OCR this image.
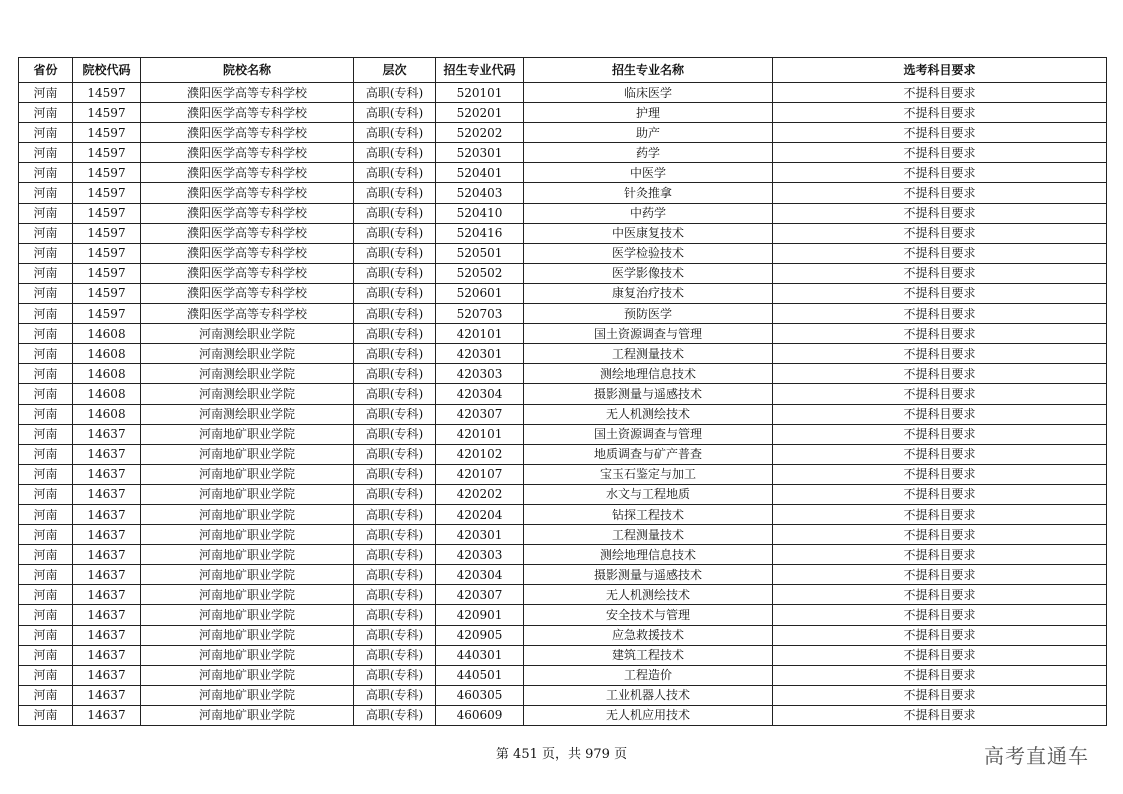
省份	院校代码	院校名称	层次	招生专业代码	招生专业名称	选考科目要求
河南	14597	濮阳医学高等专科学校	高职(专科)	520101	临床医学	不提科目要求
河南	14597	濮阳医学高等专科学校	高职(专科)	520201	护理	不提科目要求
河南	14597	濮阳医学高等专科学校	高职(专科)	520202	助产	不提科目要求
河南	14597	濮阳医学高等专科学校	高职(专科)	520301	药学	不提科目要求
河南	14597	濮阳医学高等专科学校	高职(专科)	520401	中医学	不提科目要求
河南	14597	濮阳医学高等专科学校	高职(专科)	520403	针灸推拿	不提科目要求
河南	14597	濮阳医学高等专科学校	高职(专科)	520410	中药学	不提科目要求
河南	14597	濮阳医学高等专科学校	高职(专科)	520416	中医康复技术	不提科目要求
河南	14597	濮阳医学高等专科学校	高职(专科)	520501	医学检验技术	不提科目要求
河南	14597	濮阳医学高等专科学校	高职(专科)	520502	医学影像技术	不提科目要求
河南	14597	濮阳医学高等专科学校	高职(专科)	520601	康复治疗技术	不提科目要求
河南	14597	濮阳医学高等专科学校	高职(专科)	520703	预防医学	不提科目要求
河南	14608	河南测绘职业学院	高职(专科)	420101	国土资源调查与管理	不提科目要求
河南	14608	河南测绘职业学院	高职(专科)	420301	工程测量技术	不提科目要求
河南	14608	河南测绘职业学院	高职(专科)	420303	测绘地理信息技术	不提科目要求
河南	14608	河南测绘职业学院	高职(专科)	420304	摄影测量与遥感技术	不提科目要求
河南	14608	河南测绘职业学院	高职(专科)	420307	无人机测绘技术	不提科目要求
河南	14637	河南地矿职业学院	高职(专科)	420101	国土资源调查与管理	不提科目要求
河南	14637	河南地矿职业学院	高职(专科)	420102	地质调查与矿产普查	不提科目要求
河南	14637	河南地矿职业学院	高职(专科)	420107	宝玉石鉴定与加工	不提科目要求
河南	14637	河南地矿职业学院	高职(专科)	420202	水文与工程地质	不提科目要求
河南	14637	河南地矿职业学院	高职(专科)	420204	钻探工程技术	不提科目要求
河南	14637	河南地矿职业学院	高职(专科)	420301	工程测量技术	不提科目要求
河南	14637	河南地矿职业学院	高职(专科)	420303	测绘地理信息技术	不提科目要求
河南	14637	河南地矿职业学院	高职(专科)	420304	摄影测量与遥感技术	不提科目要求
河南	14637	河南地矿职业学院	高职(专科)	420307	无人机测绘技术	不提科目要求
河南	14637	河南地矿职业学院	高职(专科)	420901	安全技术与管理	不提科目要求
河南	14637	河南地矿职业学院	高职(专科)	420905	应急救援技术	不提科目要求
河南	14637	河南地矿职业学院	高职(专科)	440301	建筑工程技术	不提科目要求
河南	14637	河南地矿职业学院	高职(专科)	440501	工程造价	不提科目要求
河南	14637	河南地矿职业学院	高职(专科)	460305	工业机器人技术	不提科目要求
河南	14637	河南地矿职业学院	高职(专科)	460609	无人机应用技术	不提科目要求
第 451 页，共 979 页	高考直通车
